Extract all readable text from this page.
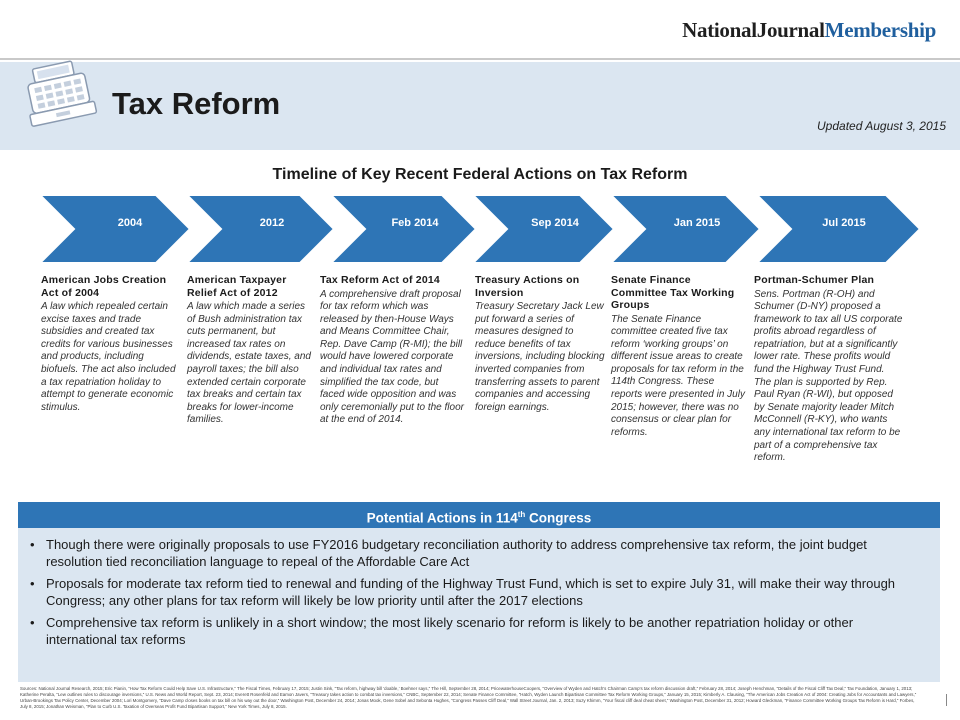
NationalJournalMembership
Tax Reform
Updated August 3, 2015
Timeline of Key Recent Federal Actions on Tax Reform
2004	2012	Feb 2014	Sep 2014	Jan 2015	Jul 2015
American Jobs Creation Act of 2004

A law which repealed certain excise taxes and trade subsidies and created tax credits for various businesses and products, including biofuels. The act also included a tax repatriation holiday to attempt to generate economic stimulus.

American Taxpayer Relief Act of 2012

A law which made a series of Bush administration tax cuts permanent, but increased tax rates on dividends, estate taxes, and payroll taxes; the bill also extended certain corporate tax breaks and certain tax breaks for lower-income families.

Tax Reform Act of 2014

A comprehensive draft proposal for tax reform which was released by then-House Ways and Means Committee Chair, Rep. Dave Camp (R-MI); the bill would have lowered corporate and individual tax rates and simplified the tax code, but faced wide opposition and was only ceremonially put to the floor at the end of 2014.

Treasury Actions on Inversion

Treasury Secretary Jack Lew put forward a series of measures designed to reduce benefits of tax inversions, including blocking inverted companies from transferring assets to parent companies and accessing foreign earnings.

Senate Finance Committee Tax Working Groups

The Senate Finance committee created five tax reform ‘working groups’ on different issue areas to create proposals for tax reform in the 114th Congress. These reports were presented in July 2015; however, there was no consensus or clear plan for reforms.

Portman-Schumer Plan

Sens. Portman (R-OH) and Schumer (D-NY) proposed a framework to tax all US corporate profits abroad regardless of repatriation, but at a significantly lower rate. These profits would fund the Highway Trust Fund. The plan is supported by Rep. Paul Ryan (R-WI), but opposed by Senate majority leader Mitch McConnell (R-KY), who wants any international tax reform to be part of a comprehensive tax reform.

Potential Actions in 114th Congress
• Though there were originally proposals to use FY2016 budgetary reconciliation authority to address comprehensive tax reform, the joint budget resolution tied reconciliation language to repeal of the Affordable Care Act
• Proposals for moderate tax reform tied to renewal and funding of the Highway Trust Fund, which is set to expire July 31, will make their way through Congress; any other plans for tax reform will likely be low priority until after the 2017 elections
• Comprehensive tax reform is unlikely in a short window; the most likely scenario for reform is likely to be another repatriation holiday or other international tax reforms
Sources: National Journal Research, 2015; Eric Pianin, “How Tax Reform Could Help Save U.S. Infrastructure,” The Fiscal Times, February 17, 2015; Justin Sink, “Tax reform, highway bill ‘doable,’ Boehner says,” The Hill, September 28, 2014; PricewaterhouseCoopers, “Overview of Wyden and Hatch’s Chairman Camp’s tax reform discussion draft,” February 28, 2014; Joseph Henchman, “Details of the Fiscal Cliff Tax Deal,” Tax Foundation, January 1, 2013; Katherine Peralta, “Lew outlines rules to discourage inversions,” U.S. News and World Report, Sept. 23, 2014; Everett Rosenfeld and Eamon Javers, “Treasury takes action to combat tax inversions,” CNBC, September 22, 2014; Senate Finance Committee, “Hatch, Wyden Launch Bipartisan Committee Tax Reform Working Groups,” January 15, 2015; Kimberly A. Clausing, “The American Jobs Creation Act of 2004: Creating Jobs for Accountants and Lawyers,” Urban-Brookings Tax Policy Center, December 2004; Lori Montgomery, “Dave Camp closes books on tax bill on his way out the door,” Washington Post, December 24, 2014; Jonas Mook, Gene Sobel and Sebonta Hughes, “Congress Passes Cliff Deal,” Wall Street Journal, Jan. 2, 2013; Suzy Khimm, “Your fiscal cliff deal cheat sheet,” Washington Post, December 31, 2012; Howard Gleckman, “Finance Committee Working Groups Tax Reform is Hard,” Forbes, July 8, 2015; Jonathan Weisman, “Plan to Curb U.S. Taxation of Overseas Profit Fund Bipartisan Support,” New York Times, July 8, 2015.
